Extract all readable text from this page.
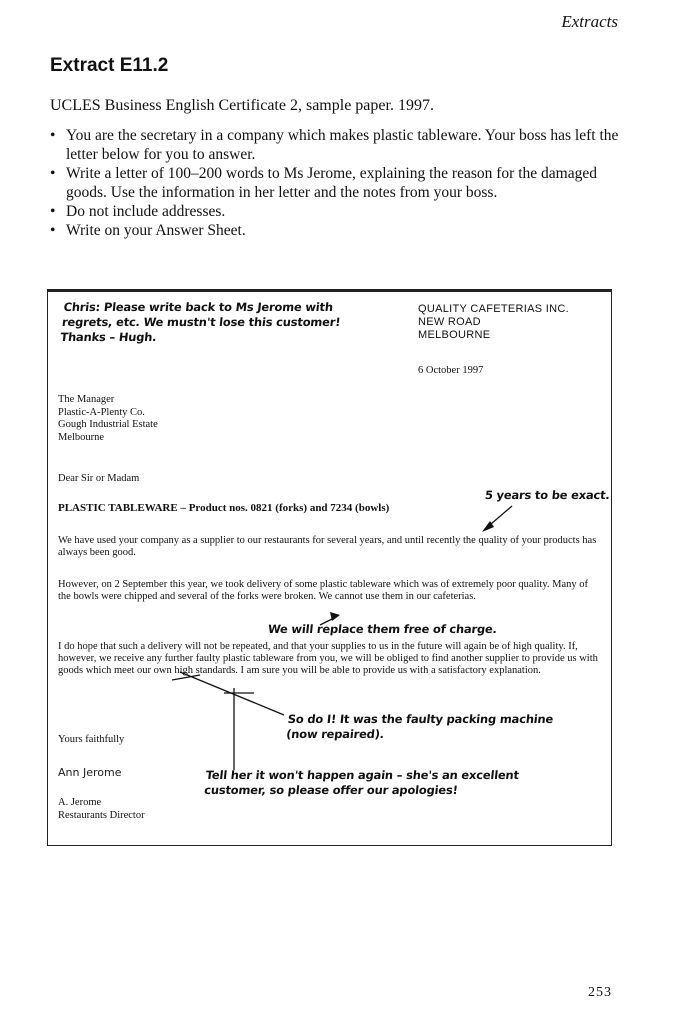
Extracts
Extract E11.2
UCLES Business English Certificate 2, sample paper. 1997.
• You are the secretary in a company which makes plastic tableware. Your boss has left the letter below for you to answer.
• Write a letter of 100–200 words to Ms Jerome, explaining the reason for the damaged goods. Use the information in her letter and the notes from your boss.
• Do not include addresses.
• Write on your Answer Sheet.
Chris: Please write back to Ms Jerome with
regrets, etc. We mustn't lose this customer!
Thanks – Hugh.
QUALITY CAFETERIAS INC.
NEW ROAD
MELBOURNE
6 October 1997
The Manager
Plastic-A-Plenty Co.
Gough Industrial Estate
Melbourne
Dear Sir or Madam
PLASTIC TABLEWARE – Product nos. 0821 (forks) and 7234 (bowls)
We have used your company as a supplier to our restaurants for several years, and until recently the quality of your products has always been good.
However, on 2 September this year, we took delivery of some plastic tableware which was of extremely poor quality. Many of the bowls were chipped and several of the forks were broken. We cannot use them in our cafeterias.
I do hope that such a delivery will not be repeated, and that your supplies to us in the future will again be of high quality. If, however, we receive any further faulty plastic tableware from you, we will be obliged to find another supplier to provide us with goods which meet our own high standards. I am sure you will be able to provide us with a satisfactory explanation.
Yours faithfully
Ann Jerome
A. Jerome
Restaurants Director
5 years to be exact.
We will replace them free of charge.
So do I! It was the faulty packing machine
(now repaired).
Tell her it won't happen again – she's an excellent
customer, so please offer our apologies!
253
